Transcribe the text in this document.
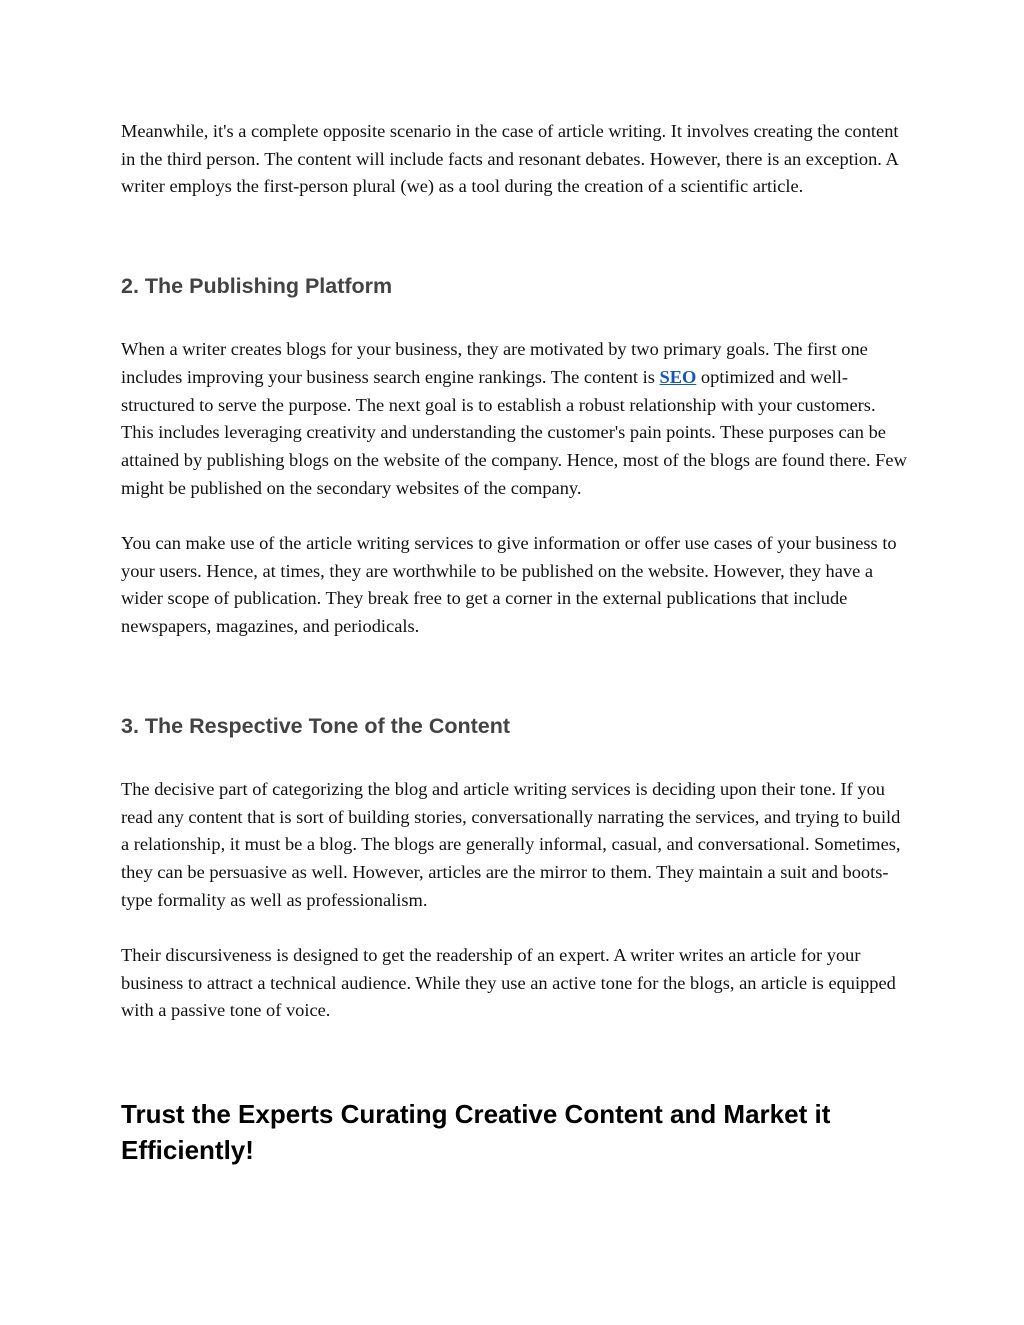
Meanwhile, it's a complete opposite scenario in the case of article writing. It involves creating the content in the third person. The content will include facts and resonant debates. However, there is an exception. A writer employs the first-person plural (we) as a tool during the creation of a scientific article.

2. The Publishing Platform

When a writer creates blogs for your business, they are motivated by two primary goals. The first one includes improving your business search engine rankings. The content is SEO optimized and well-structured to serve the purpose. The next goal is to establish a robust relationship with your customers. This includes leveraging creativity and understanding the customer's pain points. These purposes can be attained by publishing blogs on the website of the company. Hence, most of the blogs are found there. Few might be published on the secondary websites of the company.

You can make use of the article writing services to give information or offer use cases of your business to your users. Hence, at times, they are worthwhile to be published on the website. However, they have a wider scope of publication. They break free to get a corner in the external publications that include newspapers, magazines, and periodicals.

3. The Respective Tone of the Content

The decisive part of categorizing the blog and article writing services is deciding upon their tone. If you read any content that is sort of building stories, conversationally narrating the services, and trying to build a relationship, it must be a blog. The blogs are generally informal, casual, and conversational. Sometimes, they can be persuasive as well. However, articles are the mirror to them. They maintain a suit and boots-type formality as well as professionalism.

Their discursiveness is designed to get the readership of an expert. A writer writes an article for your business to attract a technical audience. While they use an active tone for the blogs, an article is equipped with a passive tone of voice.

Trust the Experts Curating Creative Content and Market it Efficiently!
